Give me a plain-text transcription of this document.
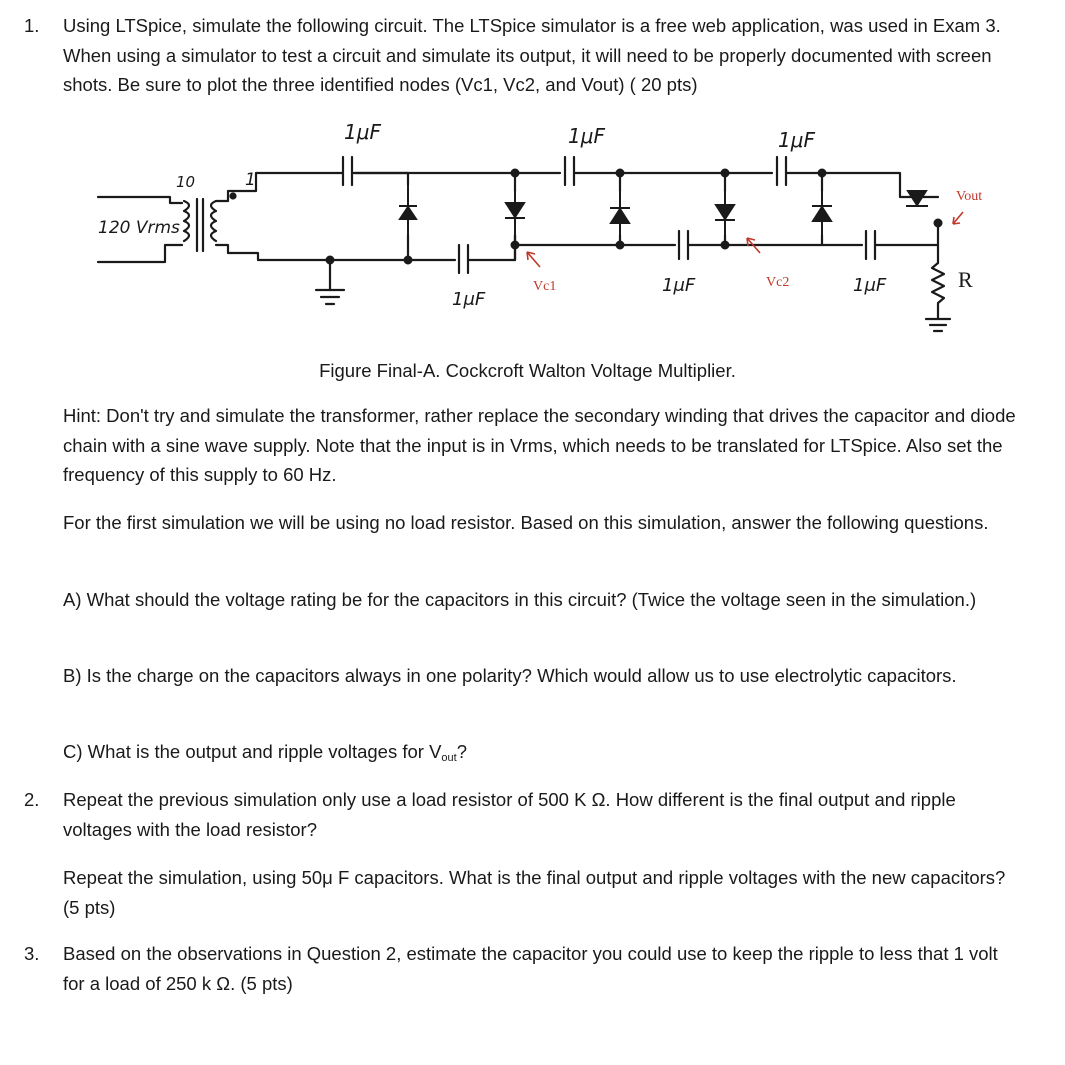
1. Using LTSpice, simulate the following circuit. The LTSpice simulator is a free web application, was used in Exam 3. When using a simulator to test a circuit and simulate its output, it will need to be properly documented with screen shots. Be sure to plot the three identified nodes (Vc1, Vc2, and Vout) ( 20 pts)
120 Vrms
10	1
1μF	1μF	1μF
1μF
1μF	1μF
Vc1	Vc2
Vout
R
Figure Final-A. Cockcroft Walton Voltage Multiplier.
Hint: Don't try and simulate the transformer, rather replace the secondary winding that drives the capacitor and diode chain with a sine wave supply. Note that the input is in Vrms, which needs to be translated for LTSpice. Also set the frequency of this supply to 60 Hz.
For the first simulation we will be using no load resistor. Based on this simulation, answer the following questions.
A) What should the voltage rating be for the capacitors in this circuit? (Twice the voltage seen in the simulation.)
B) Is the charge on the capacitors always in one polarity? Which would allow us to use electrolytic capacitors.
C) What is the output and ripple voltages for $V_{out}$?
2. Repeat the previous simulation only use a load resistor of 500 K Ω. How different is the final output and ripple voltages with the load resistor?
Repeat the simulation, using 50μ F capacitors. What is the final output and ripple voltages with the new capacitors? (5 pts)
3. Based on the observations in Question 2, estimate the capacitor you could use to keep the ripple to less that 1 volt for a load of 250 k Ω. (5 pts)
